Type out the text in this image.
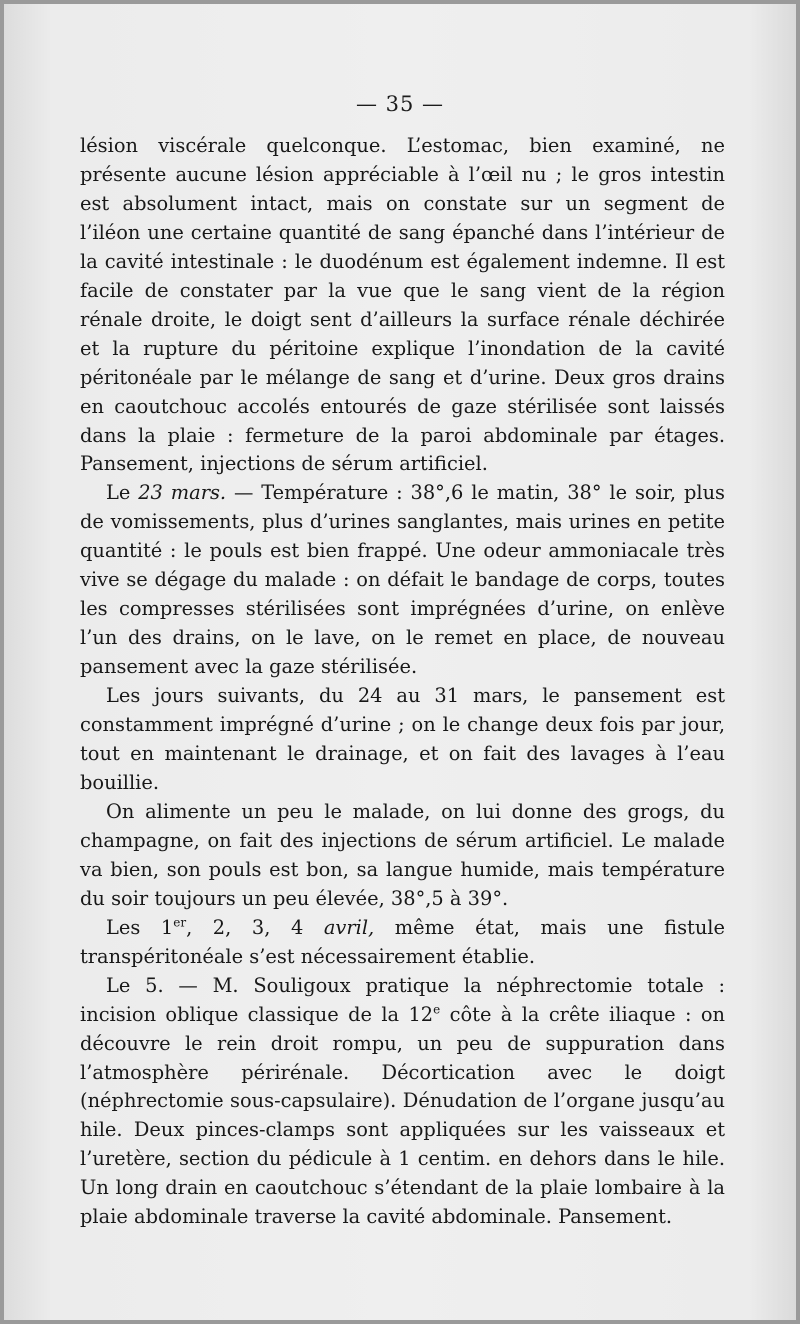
— 35 —

lésion viscérale quelconque. L’estomac, bien examiné, ne présente aucune lésion appréciable à l’œil nu ; le gros intestin est absolument intact, mais on constate sur un segment de l’iléon une certaine quantité de sang épanché dans l’intérieur de la cavité intestinale : le duodénum est également indemne. Il est facile de constater par la vue que le sang vient de la région rénale droite, le doigt sent d’ailleurs la surface rénale déchirée et la rupture du péritoine explique l’inondation de la cavité péritonéale par le mélange de sang et d’urine. Deux gros drains en caoutchouc accolés entourés de gaze stérilisée sont laissés dans la plaie : fermeture de la paroi abdominale par étages. Pansement, injections de sérum artificiel.

Le 23 mars. — Température : 38°,6 le matin, 38° le soir, plus de vomissements, plus d’urines sanglantes, mais urines en petite quantité : le pouls est bien frappé. Une odeur ammoniacale très vive se dégage du malade : on défait le bandage de corps, toutes les compresses stérilisées sont imprégnées d’urine, on enlève l’un des drains, on le lave, on le remet en place, de nouveau pansement avec la gaze stérilisée.

Les jours suivants, du 24 au 31 mars, le pansement est constamment imprégné d’urine ; on le change deux fois par jour, tout en maintenant le drainage, et on fait des lavages à l’eau bouillie.

On alimente un peu le malade, on lui donne des grogs, du champagne, on fait des injections de sérum artificiel. Le malade va bien, son pouls est bon, sa langue humide, mais température du soir toujours un peu élevée, 38°,5 à 39°.

Les 1er, 2, 3, 4 avril, même état, mais une fistule transpéritonéale s’est nécessairement établie.

Le 5. — M. Souligoux pratique la néphrectomie totale : incision oblique classique de la 12e côte à la crête iliaque : on découvre le rein droit rompu, un peu de suppuration dans l’atmosphère périrénale. Décortication avec le doigt (néphrectomie sous-capsulaire). Dénudation de l’organe jusqu’au hile. Deux pinces-clamps sont appliquées sur les vaisseaux et l’uretère, section du pédicule à 1 centim. en dehors dans le hile. Un long drain en caoutchouc s’étendant de la plaie lombaire à la plaie abdominale traverse la cavité abdominale. Pansement.
